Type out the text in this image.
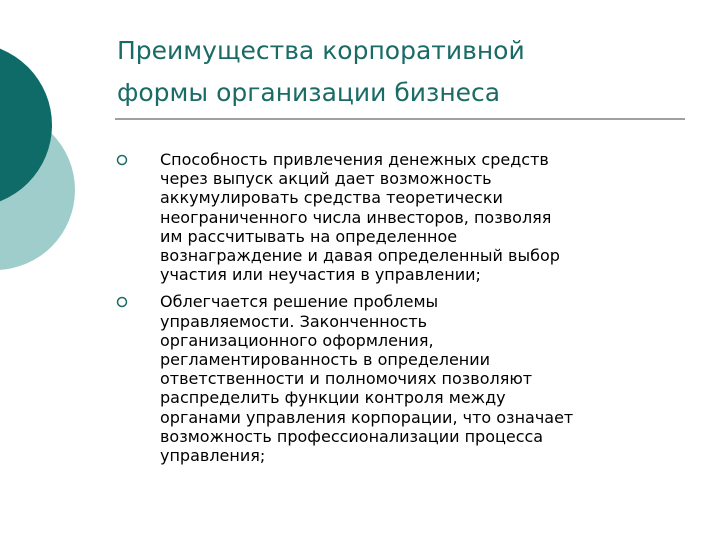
Преимущества корпоративной
формы организации бизнеса
Способность привлечения денежных средств
через выпуск акций дает возможность
аккумулировать средства теоретически
неограниченного числа инвесторов, позволяя
им рассчитывать на определенное
вознаграждение и давая определенный выбор
участия или неучастия в управлении;
Облегчается решение проблемы
управляемости. Законченность
организационного оформления,
регламентированность в определении
ответственности и полномочиях позволяют
распределить функции контроля между
органами управления корпорации, что означает
возможность профессионализации процесса
управления;
